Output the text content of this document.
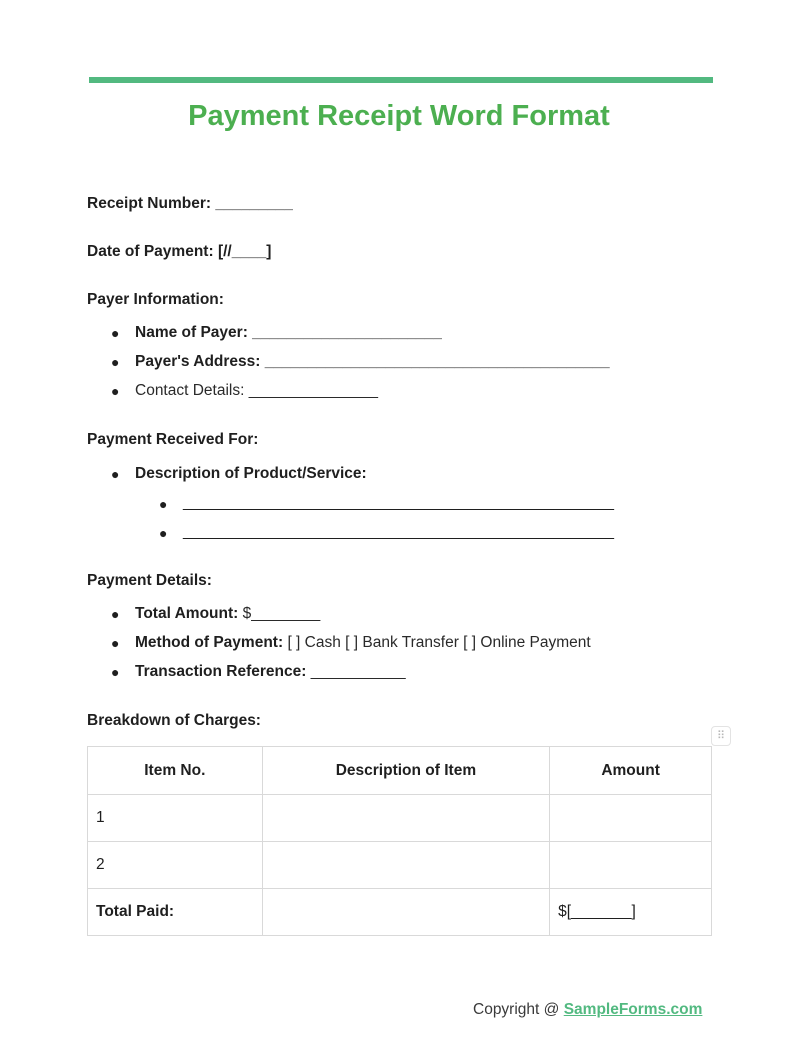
Payment Receipt Word Format
Receipt Number: _________
Date of Payment: [//____]
Payer Information:
● Name of Payer: ______________________
● Payer's Address: ________________________________________
● Contact Details: _______________
Payment Received For:
● Description of Product/Service:
● __________________________________________________
● __________________________________________________
Payment Details:
● Total Amount: $________
● Method of Payment: [ ] Cash [ ] Bank Transfer [ ] Online Payment
● Transaction Reference: ___________
Breakdown of Charges:
⠿
Item No.	Description of Item	Amount
1		
2		
Total Paid:		$[_______]
Copyright @ SampleForms.com
